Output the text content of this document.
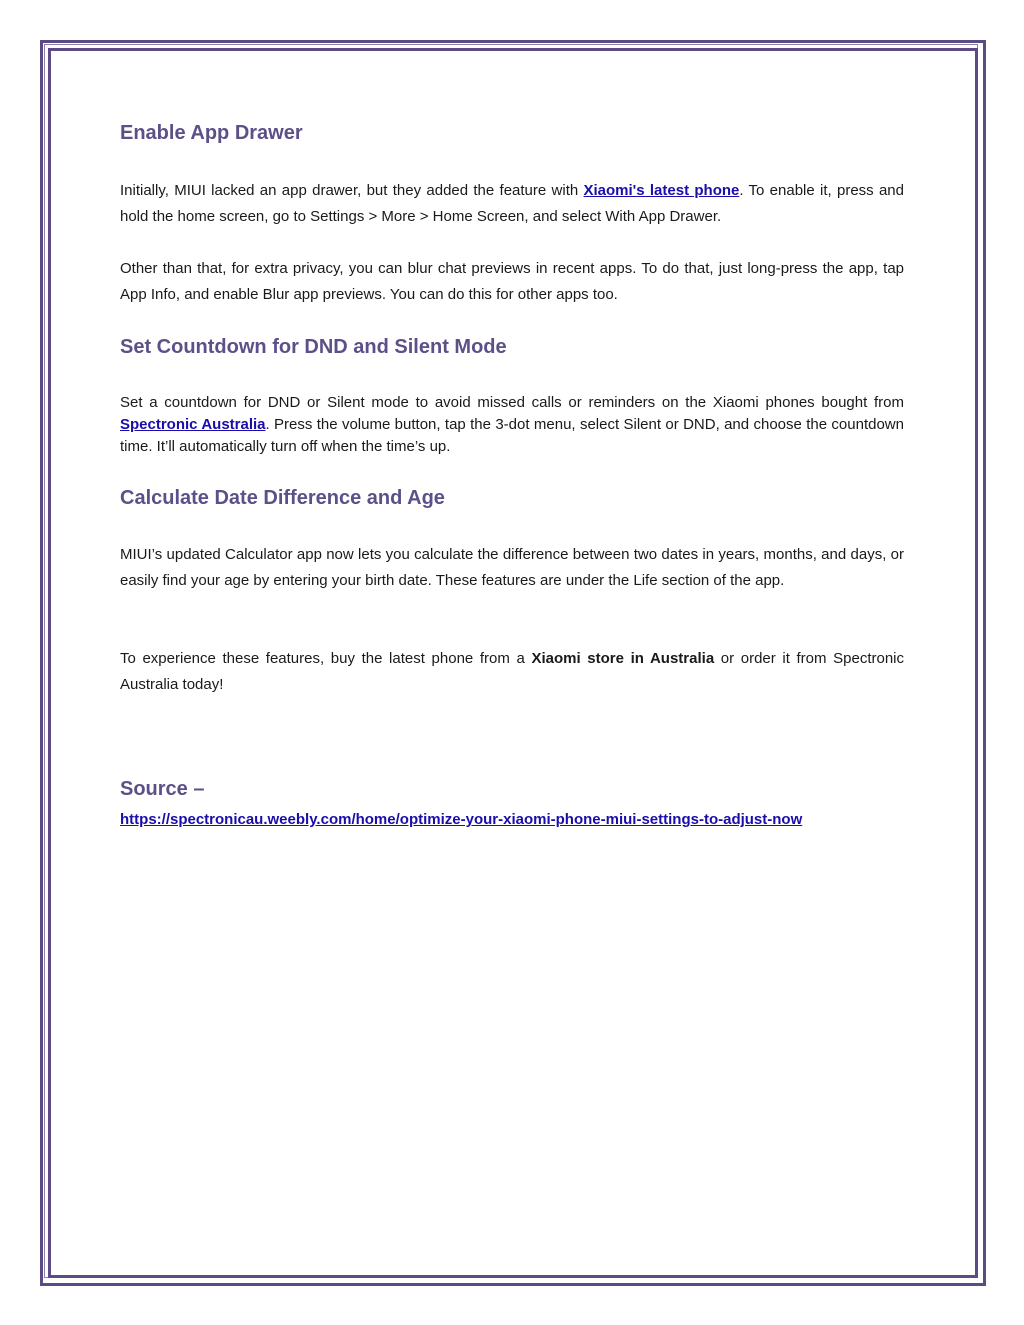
Enable App Drawer

Initially, MIUI lacked an app drawer, but they added the feature with Xiaomi's latest phone. To enable it, press and hold the home screen, go to Settings > More > Home Screen, and select With App Drawer.

Other than that, for extra privacy, you can blur chat previews in recent apps. To do that, just long-press the app, tap App Info, and enable Blur app previews. You can do this for other apps too.

Set Countdown for DND and Silent Mode

Set a countdown for DND or Silent mode to avoid missed calls or reminders on the Xiaomi phones bought from Spectronic Australia. Press the volume button, tap the 3-dot menu, select Silent or DND, and choose the countdown time. It’ll automatically turn off when the time’s up.

Calculate Date Difference and Age

MIUI’s updated Calculator app now lets you calculate the difference between two dates in years, months, and days, or easily find your age by entering your birth date. These features are under the Life section of the app.

To experience these features, buy the latest phone from a Xiaomi store in Australia or order it from Spectronic Australia today!

Source –
https://spectronicau.weebly.com/home/optimize-your-xiaomi-phone-miui-settings-to-adjust-now
